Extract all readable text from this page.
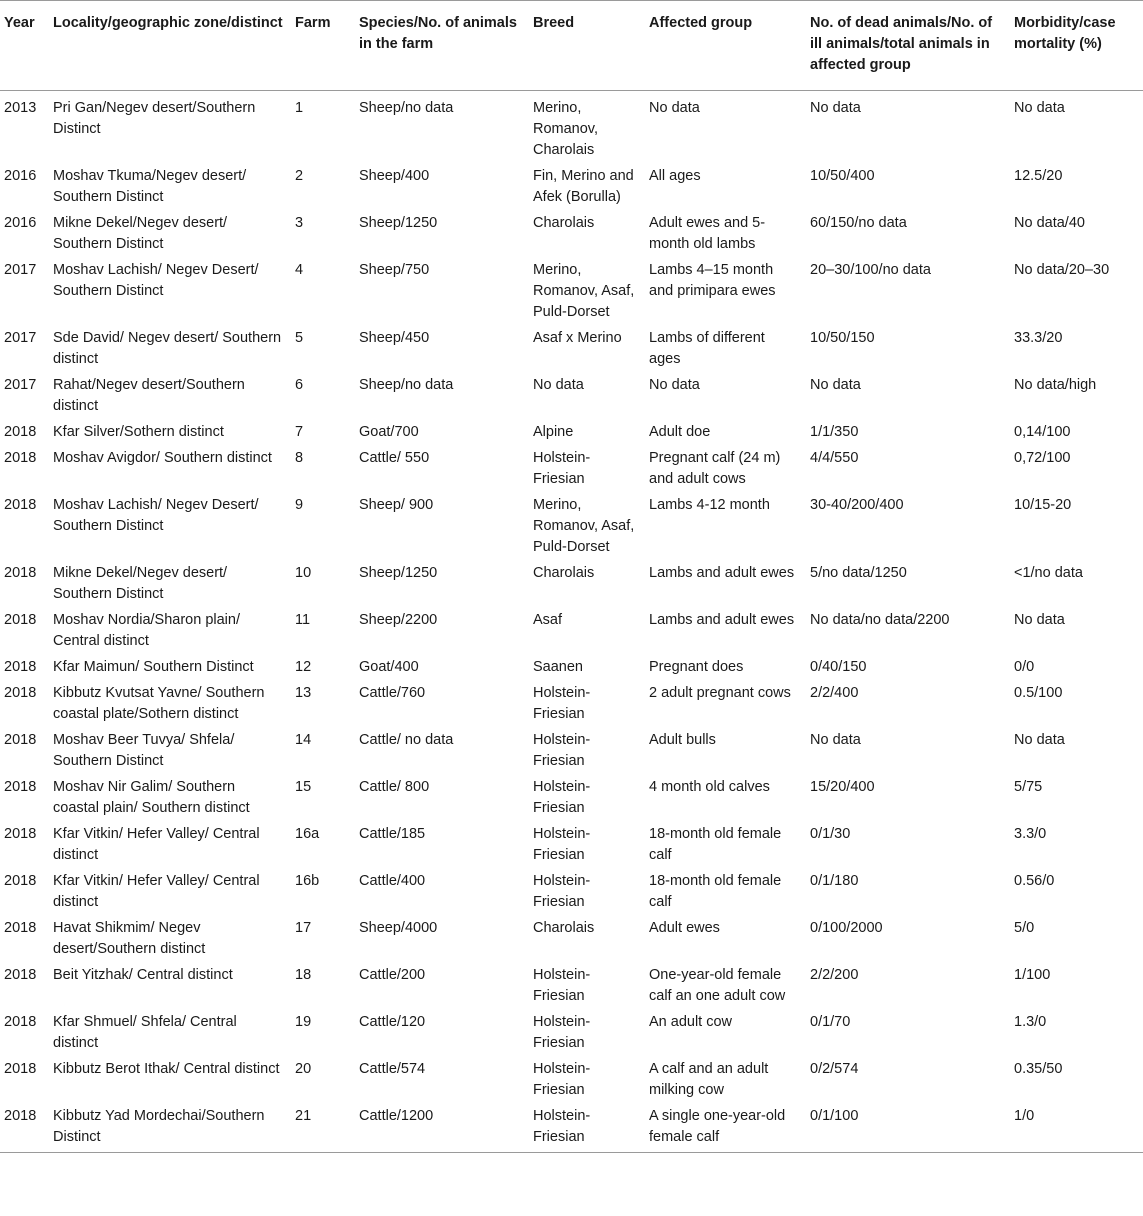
Year	Locality/geographic zone/distinct	Farm	Species/No. of animals in the farm	Breed	Affected group	No. of dead animals/No. of ill animals/total animals in affected group	Morbidity/case mortality (%)
2013	Pri Gan/Negev desert/Southern Distinct	1	Sheep/no data	Merino, Romanov, Charolais	No data	No data	No data
2016	Moshav Tkuma/Negev desert/ Southern Distinct	2	Sheep/400	Fin, Merino and Afek (Borulla)	All ages	10/50/400	12.5/20
2016	Mikne Dekel/Negev desert/ Southern Distinct	3	Sheep/1250	Charolais	Adult ewes and 5-month old lambs	60/150/no data	No data/40
2017	Moshav Lachish/ Negev Desert/ Southern Distinct	4	Sheep/750	Merino, Romanov, Asaf, Puld-Dorset	Lambs 4–15 month and primipara ewes	20–30/100/no data	No data/20–30
2017	Sde David/ Negev desert/ Southern distinct	5	Sheep/450	Asaf x Merino	Lambs of different ages	10/50/150	33.3/20
2017	Rahat/Negev desert/Southern distinct	6	Sheep/no data	No data	No data	No data	No data/high
2018	Kfar Silver/Sothern distinct	7	Goat/700	Alpine	Adult doe	1/1/350	0,14/100
2018	Moshav Avigdor/ Southern distinct	8	Cattle/ 550	Holstein-Friesian	Pregnant calf (24 m) and adult cows	4/4/550	0,72/100
2018	Moshav Lachish/ Negev Desert/ Southern Distinct	9	Sheep/ 900	Merino, Romanov, Asaf, Puld-Dorset	Lambs 4-12 month	30-40/200/400	10/15-20
2018	Mikne Dekel/Negev desert/ Southern Distinct	10	Sheep/1250	Charolais	Lambs and adult ewes	5/no data/1250	<1/no data
2018	Moshav Nordia/Sharon plain/ Central distinct	11	Sheep/2200	Asaf	Lambs and adult ewes	No data/no data/2200	No data
2018	Kfar Maimun/ Southern Distinct	12	Goat/400	Saanen	Pregnant does	0/40/150	0/0
2018	Kibbutz Kvutsat Yavne/ Southern coastal plate/Sothern distinct	13	Cattle/760	Holstein-Friesian	2 adult pregnant cows	2/2/400	0.5/100
2018	Moshav Beer Tuvya/ Shfela/ Southern Distinct	14	Cattle/ no data	Holstein-Friesian	Adult bulls	No data	No data
2018	Moshav Nir Galim/ Southern coastal plain/ Southern distinct	15	Cattle/ 800	Holstein-Friesian	4 month old calves	15/20/400	5/75
2018	Kfar Vitkin/ Hefer Valley/ Central distinct	16a	Cattle/185	Holstein-Friesian	18-month old female calf	0/1/30	3.3/0
2018	Kfar Vitkin/ Hefer Valley/ Central distinct	16b	Cattle/400	Holstein-Friesian	18-month old female calf	0/1/180	0.56/0
2018	Havat Shikmim/ Negev desert/Southern distinct	17	Sheep/4000	Charolais	Adult ewes	0/100/2000	5/0
2018	Beit Yitzhak/ Central distinct	18	Cattle/200	Holstein-Friesian	One-year-old female calf an one adult cow	2/2/200	1/100
2018	Kfar Shmuel/ Shfela/ Central distinct	19	Cattle/120	Holstein-Friesian	An adult cow	0/1/70	1.3/0
2018	Kibbutz Berot Ithak/ Central distinct	20	Cattle/574	Holstein-Friesian	A calf and an adult milking cow	0/2/574	0.35/50
2018	Kibbutz Yad Mordechai/Southern Distinct	21	Cattle/1200	Holstein-Friesian	A single one-year-old female calf	0/1/100	1/0
